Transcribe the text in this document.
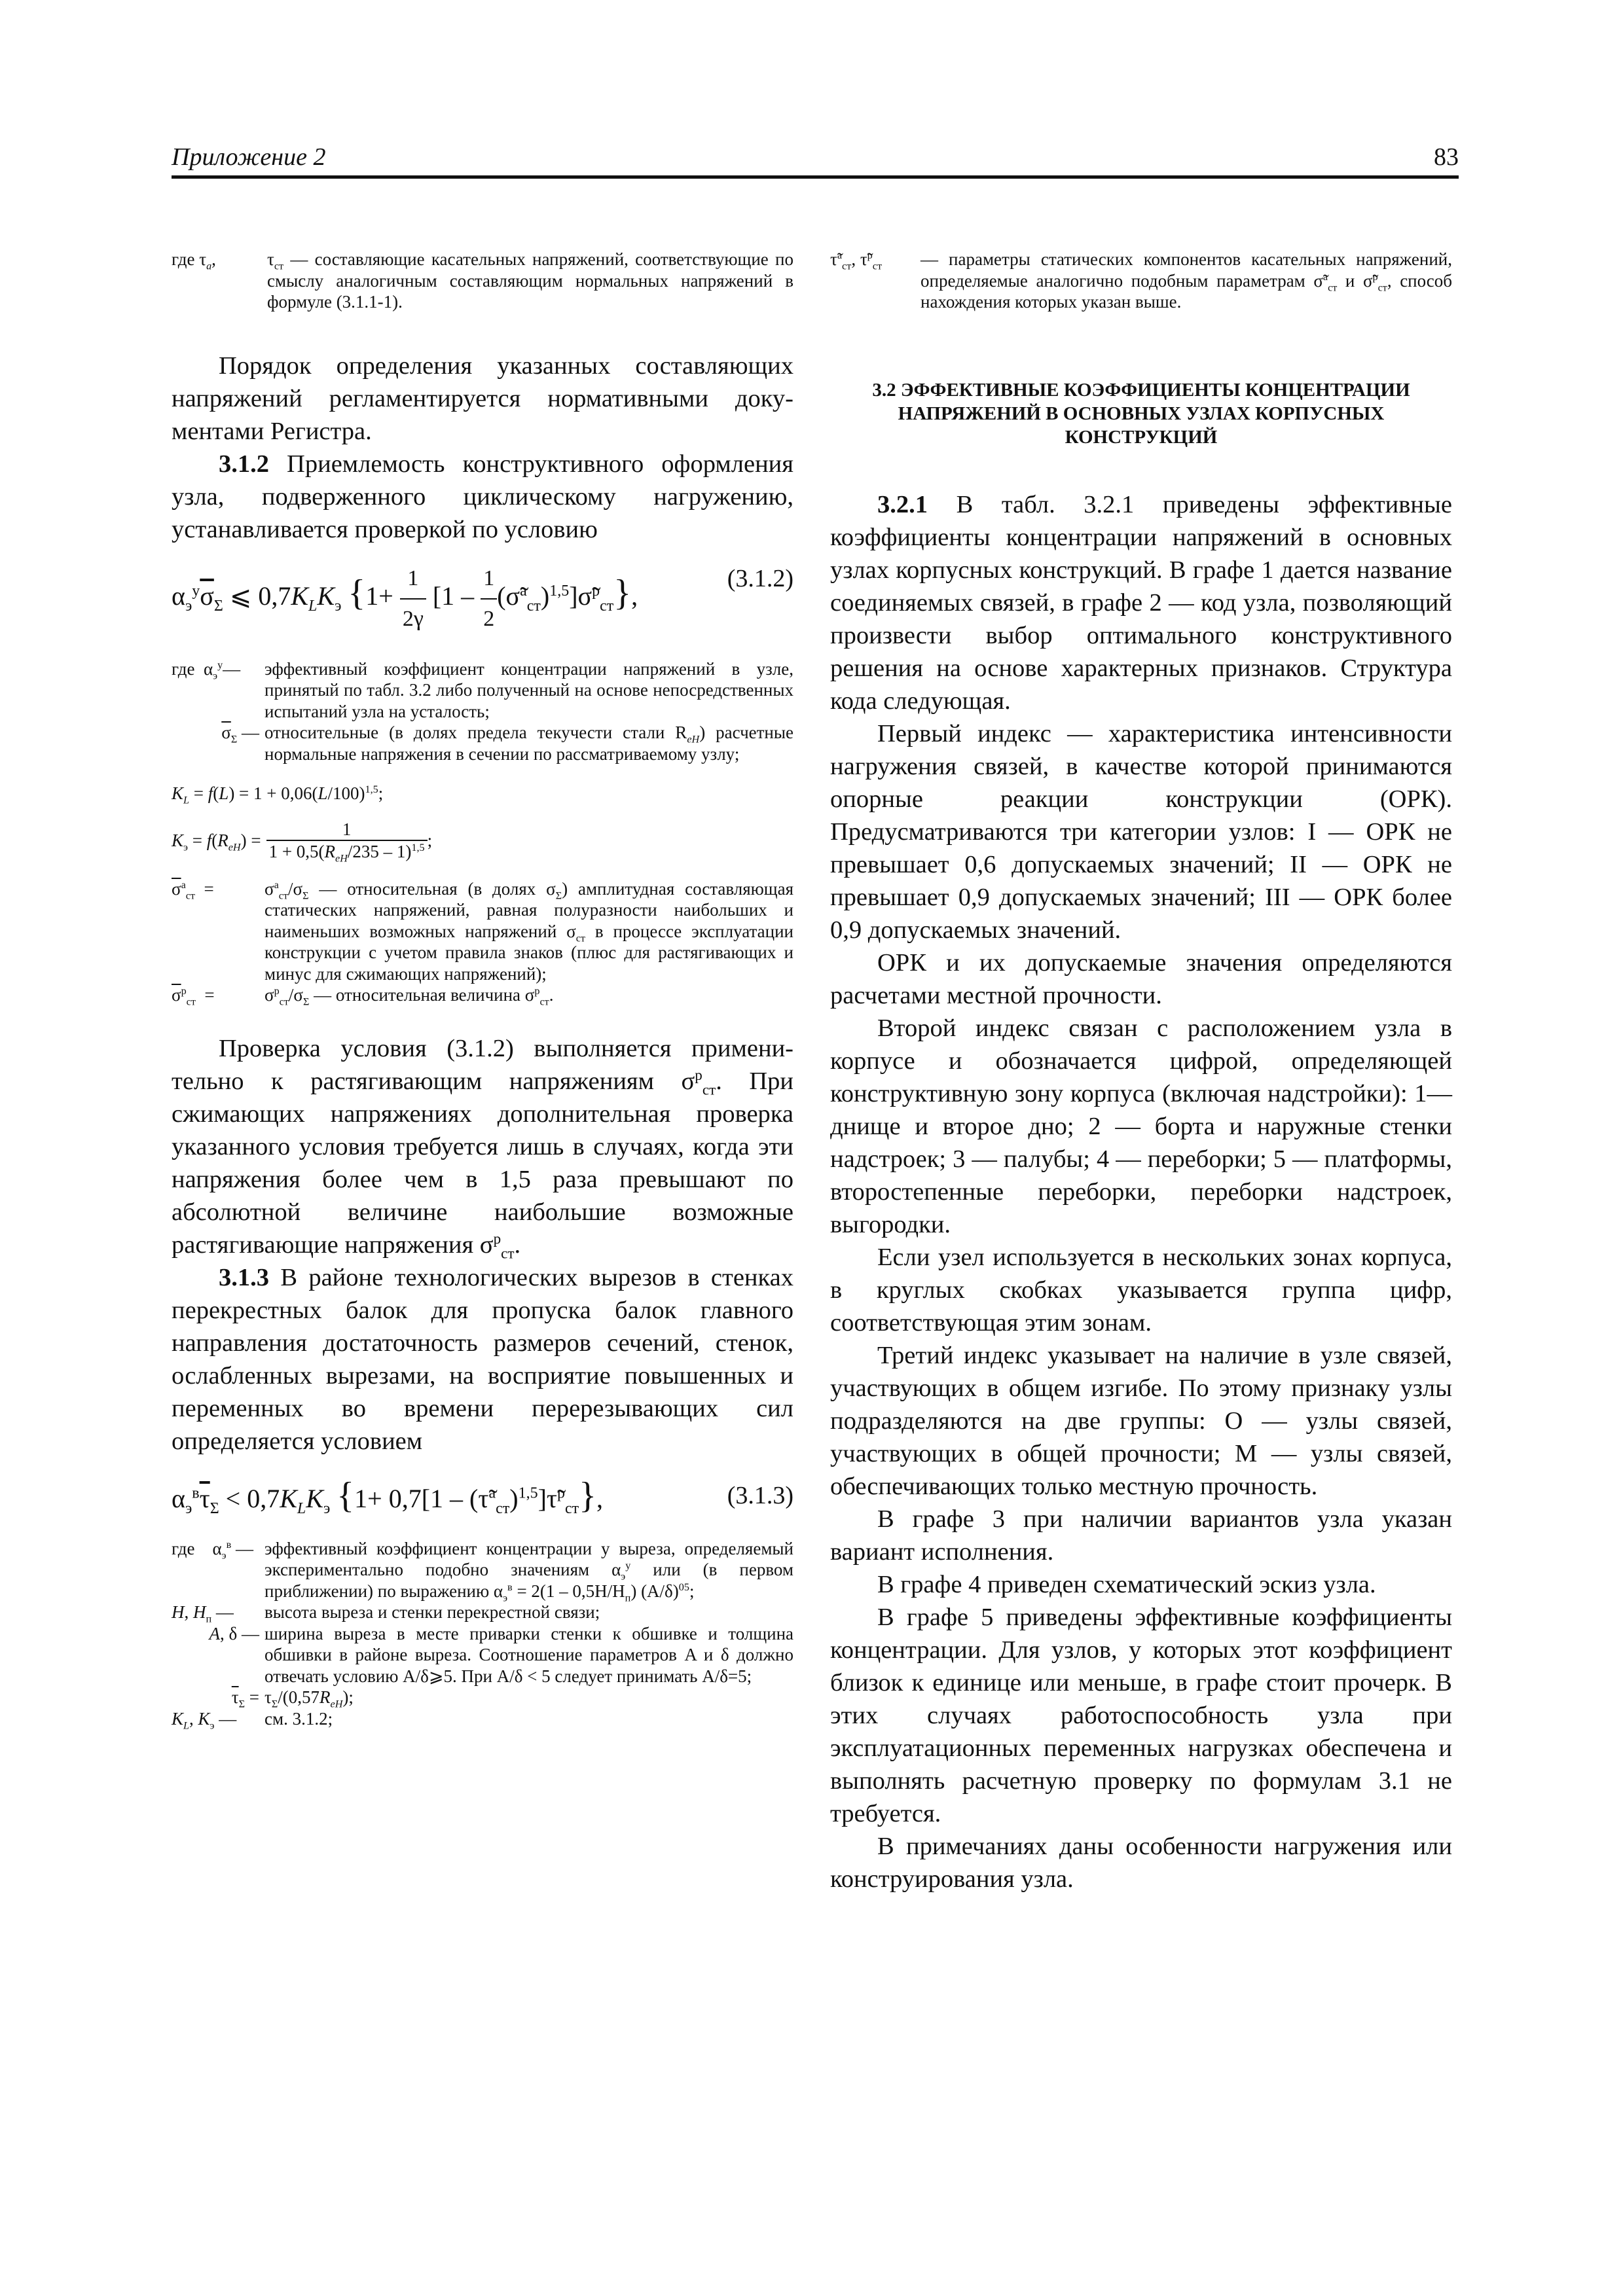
Приложение 2	83
где $\tau_a$,	$\tau_{ст}$ — составляющие касательных напряжений, соответствующие по смыслу аналогичным составляющим нормальных напряжений в формуле (3.1.1-1).

Порядок определения указанных составляющих напряжений регламентируется нормативными документами Регистра.

3.1.2 Приемлемость конструктивного оформления узла, подверженного циклическому нагружению, устанавливается проверкой по условию

$\alpha_э^у\overline{\sigma}_\Sigma$ ⩽ $0,7K_LK_э$ {$1+ \frac{1}{2\gamma} [1 - \frac{1}{2}$ (σ̃$^а_{ст}$)$^{1,5}$]σ̃$^р_{ст}$},
(3.1.2)
где  $\alpha_э^у—$	эффективный коэффициент концентрации напряжений в узле, принятый по табл. 3.2 либо полученный на основе непосредственных испытаний узла на усталость;
$\overline{\sigma}_\Sigma$ — относительные (в долях предела текучести стали $R_{eH}$) расчетные нормальные напряжения в сечении по рассматриваемому узлу;
$K_L = f(L) = 1 + 0,06(L/100)^{1,5}$;
$K_э = f(R_{eH}) = \frac{1}{1 + 0,5(R_{eH}/235 - 1)^{1,5}}$ ;
$\overline{\sigma}^а_{ст}$  =	$\sigma^а_{ст}/\sigma_\Sigma$ — относительная (в долях $\sigma_\Sigma$) амплитудная составляющая статических напряжений, равная полуразности наибольших и наименьших возможных напряжений $\sigma_{ст}$ в процессе эксплуатации конструкции с учетом правила знаков (плюс для растягивающих и минус для сжимающих напряжений);
$\overline{\sigma}^р_{ст}$  =	$\sigma^р_{ст}/\sigma_\Sigma$ — относительная величина $\sigma^р_{ст}$.

Проверка условия (3.1.2) выполняется применительно к растягивающим напряжениям $\sigma^р_{ст}$. При сжимающих напряжениях дополнительная проверка указанного условия требуется лишь в случаях, когда эти напряжения более чем в 1,5 раза превышают по абсолютной величине наибольшие возможные растягивающие напряжения $\sigma^р_{ст}$.

3.1.3 В районе технологических вырезов в стенках перекрестных балок для пропуска балок главного направления достаточность размеров сечений, стенок, ослабленных вырезами, на восприятие повышенных и переменных во времени перерезывающих сил определяется условием

$\alpha_э^в\overline{\tau}_\Sigma < 0,7K_LK_э$ {1+ 0,7[1 – (τ̃$^а_{ст}$)$^{1,5}$]τ̃$^р_{ст}$},	(3.1.3)
где    $\alpha_э^в$ — эффективный коэффициент концентрации у выреза, определяемый экспериментально подобно значениям $\alpha_э^у$ или (в первом приближении) по выражению $\alpha_э^в = 2(1 - 0,5H/H_п)$ $(A/\delta)^{05}$;
H, $H_п$ —	высота выреза и стенки перекрестной связи;
A, δ — ширина выреза в месте приварки стенки к обшивке и толщина обшивки в районе выреза. Соотношение параметров A и δ должно отвечать условию A/δ⩾5. При A/δ < 5 следует принимать A/δ=5;
$\overline{\tau}_\Sigma = \tau_\Sigma/(0,57R_{eH})$;
$K_L$, $K_э$ —	см. 3.1.2;
τ̃$^а_{ст}$, τ̃$^р_{ст}$	— параметры статических компонентов касательных напряжений, определяемые аналогично подобным параметрам σ̃$^а_{ст}$ и σ̃$^р_{ст}$, способ нахождения которых указан выше.

3.2 ЭФФЕКТИВНЫЕ КОЭФФИЦИЕНТЫ КОНЦЕНТРАЦИИ НАПРЯЖЕНИЙ В ОСНОВНЫХ УЗЛАХ КОРПУСНЫХ КОНСТРУКЦИЙ

3.2.1 В табл. 3.2.1 приведены эффективные коэффициенты концентрации напряжений в основных узлах корпусных конструкций. В графе 1 дается название соединяемых связей, в графе 2 — код узла, позволяющий произвести выбор оптимального конструктивного решения на основе характерных признаков. Структура кода следующая.

Первый индекс — характеристика интенсивности нагружения связей, в качестве которой принимаются опорные реакции конструкции (ОРК). Предусматриваются три категории узлов: I — ОРК не превышает 0,6 допускаемых значений; II — ОРК не превышает 0,9 допускаемых значений; III — ОРК более 0,9 допускаемых значений.

ОРК и их допускаемые значения определяются расчетами местной прочности.

Второй индекс связан с расположением узла в корпусе и обозначается цифрой, определяющей конструктивную зону корпуса (включая надстройки): 1—днище и второе дно; 2 — борта и наружные стенки надстроек; 3 — палубы; 4 — переборки; 5 — платформы, второстепенные переборки, переборки надстроек, выгородки.

Если узел используется в нескольких зонах корпуса, в круглых скобках указывается группа цифр, соответствующая этим зонам.

Третий индекс указывает на наличие в узле связей, участвующих в общем изгибе. По этому признаку узлы подразделяются на две группы: О — узлы связей, участвующих в общей прочности; М — узлы связей, обеспечивающих только местную прочность.

В графе 3 при наличии вариантов узла указан вариант исполнения.

В графе 4 приведен схематический эскиз узла.

В графе 5 приведены эффективные коэффициенты концентрации. Для узлов, у которых этот коэффициент близок к единице или меньше, в графе стоит прочерк. В этих случаях работоспособность узла при эксплуатационных переменных нагрузках обеспечена и выполнять расчетную проверку по формулам 3.1 не требуется.

В примечаниях даны особенности нагружения или конструирования узла.
